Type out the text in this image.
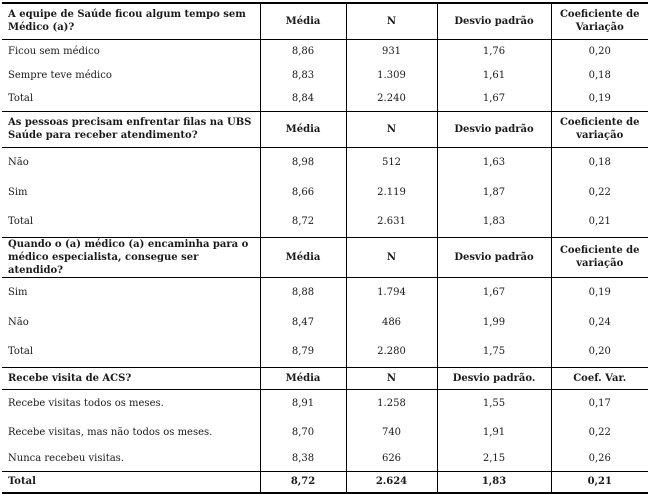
A equipe de Saúde ficou algum tempo sem Médico (a)?	Média	N	Desvio padrão	Coeficiente de Variação
Ficou sem médico	8,86	931	1,76	0,20
Sempre teve médico	8,83	1.309	1,61	0,18
Total	8,84	2.240	1,67	0,19
As pessoas precisam enfrentar filas na UBS Saúde para receber atendimento?	Média	N	Desvio padrão	Coeficiente de variação
Não	8,98	512	1,63	0,18
Sim	8,66	2.119	1,87	0,22
Total	8,72	2.631	1,83	0,21
Quando o (a) médico (a) encaminha para o médico especialista, consegue ser atendido?	Média	N	Desvio padrão	Coeficiente de variação
Sim	8,88	1.794	1,67	0,19
Não	8,47	486	1,99	0,24
Total	8,79	2.280	1,75	0,20
Recebe visita de ACS?	Média	N	Desvio padrão.	Coef. Var.
Recebe visitas todos os meses.	8,91	1.258	1,55	0,17
Recebe visitas, mas não todos os meses.	8,70	740	1,91	0,22
Nunca recebeu visitas.	8,38	626	2,15	0,26
Total	8,72	2.624	1,83	0,21
